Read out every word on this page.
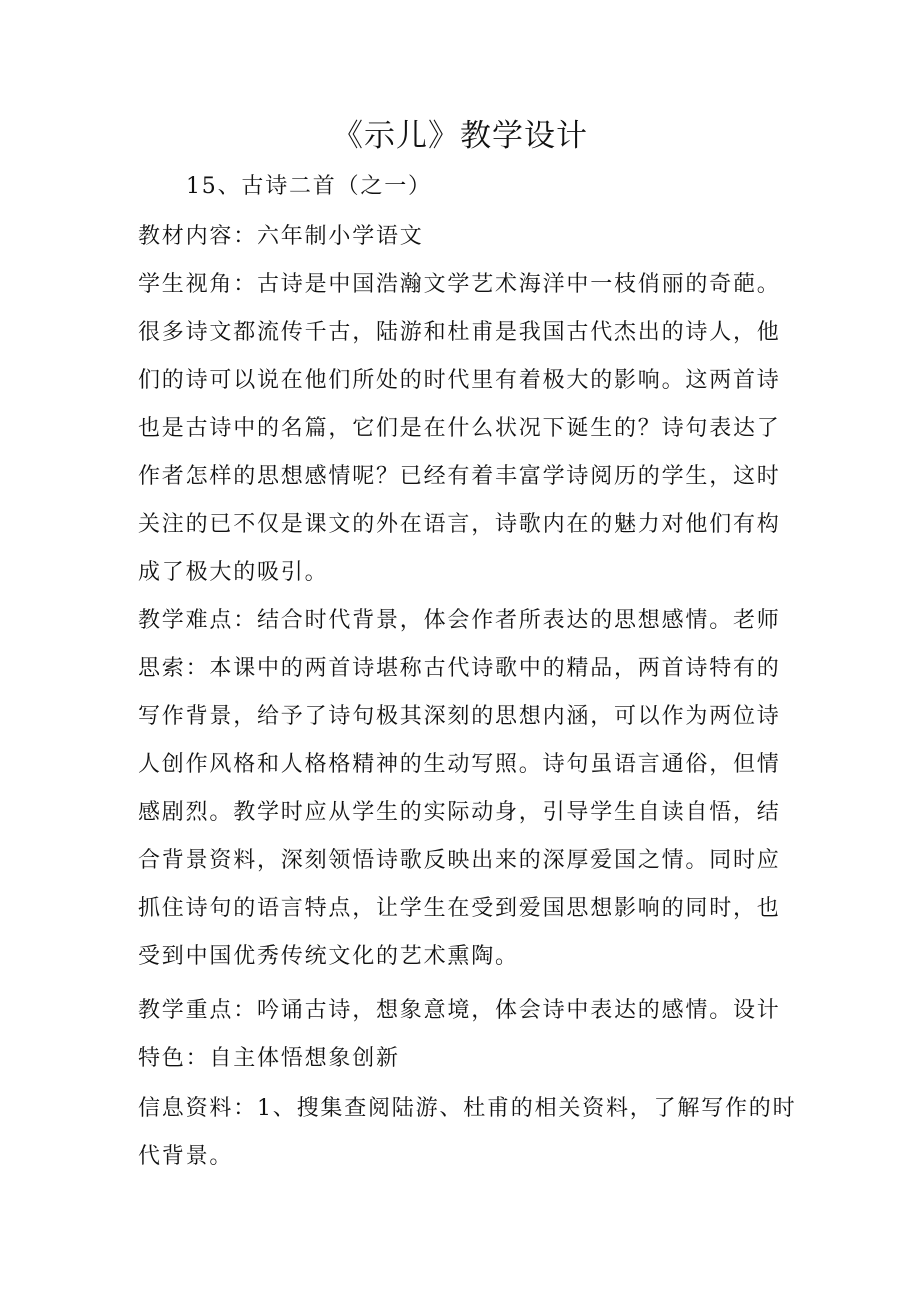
《示儿》教学设计
15、古诗二首（之一）
教材内容：六年制小学语文
学生视角：古诗是中国浩瀚文学艺术海洋中一枝俏丽的奇葩。
很多诗文都流传千古，陆游和杜甫是我国古代杰出的诗人，他
们的诗可以说在他们所处的时代里有着极大的影响。这两首诗
也是古诗中的名篇，它们是在什么状况下诞生的？诗句表达了
作者怎样的思想感情呢？已经有着丰富学诗阅历的学生，这时
关注的已不仅是课文的外在语言，诗歌内在的魅力对他们有构
成了极大的吸引。
教学难点：结合时代背景，体会作者所表达的思想感情。老师
思索：本课中的两首诗堪称古代诗歌中的精品，两首诗特有的
写作背景，给予了诗句极其深刻的思想内涵，可以作为两位诗
人创作风格和人格格精神的生动写照。诗句虽语言通俗，但情
感剧烈。教学时应从学生的实际动身，引导学生自读自悟，结
合背景资料，深刻领悟诗歌反映出来的深厚爱国之情。同时应
抓住诗句的语言特点，让学生在受到爱国思想影响的同时，也
受到中国优秀传统文化的艺术熏陶。
教学重点：吟诵古诗，想象意境，体会诗中表达的感情。设计
特色：自主体悟想象创新
信息资料：1、搜集查阅陆游、杜甫的相关资料，了解写作的时
代背景。
